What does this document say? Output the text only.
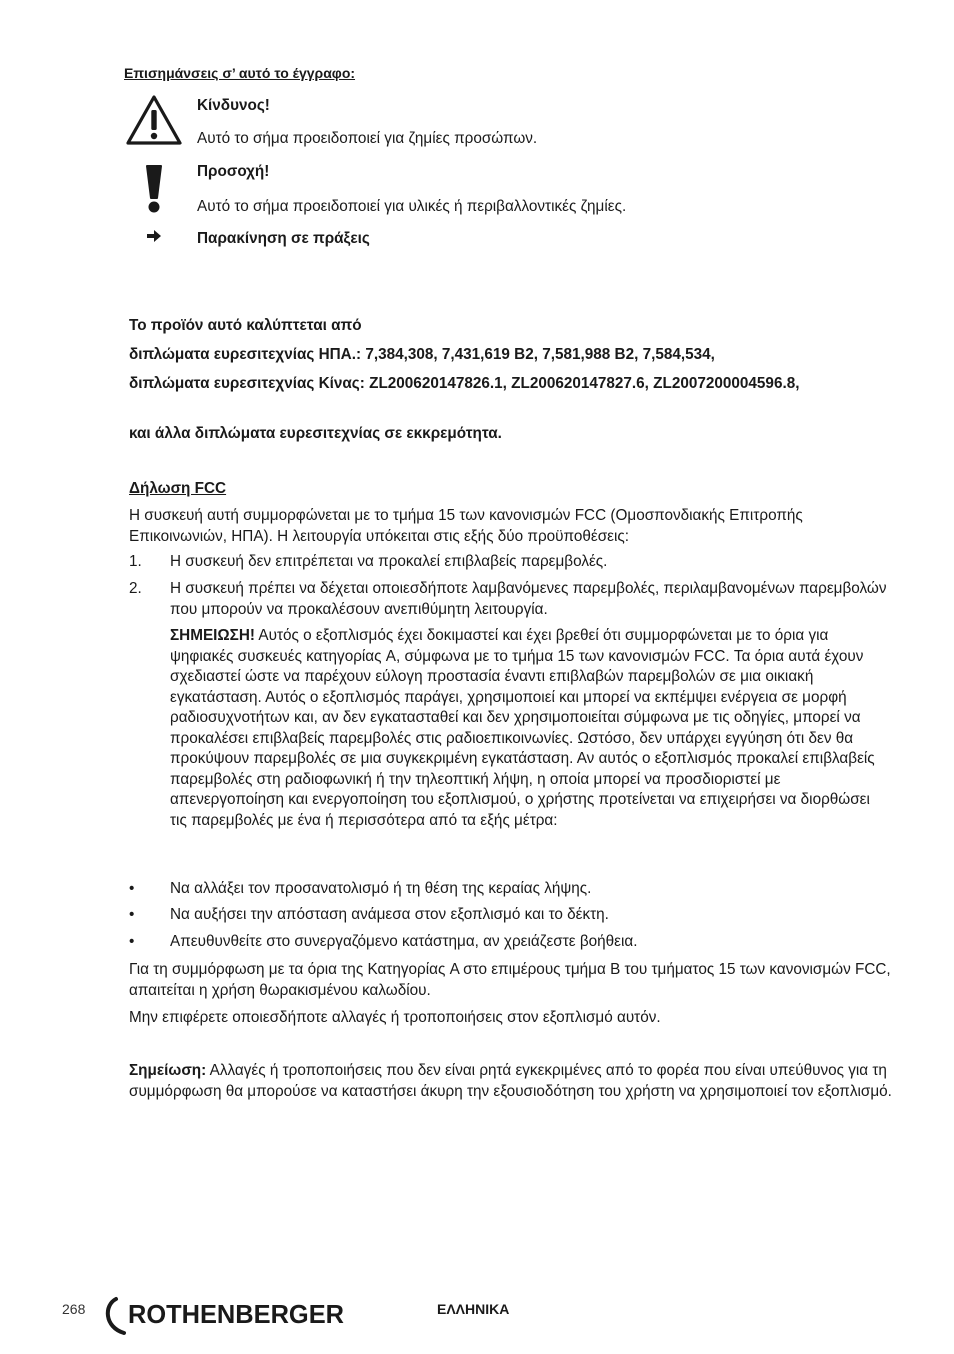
Επισημάνσεις σ’ αυτό το έγγραφο:
Κίνδυνος!
Αυτό το σήμα προειδοποιεί για ζημίες προσώπων.
Προσοχή!
Αυτό το σήμα προειδοποιεί για υλικές ή περιβαλλοντικές ζημίες.
Παρακίνηση σε πράξεις
Το προϊόν αυτό καλύπτεται από
διπλώματα ευρεσιτεχνίας ΗΠΑ.: 7,384,308, 7,431,619 B2, 7,581,988 B2, 7,584,534,
διπλώματα ευρεσιτεχνίας Κίνας: ZL200620147826.1, ZL200620147827.6, ZL2007200004596.8,
και άλλα διπλώματα ευρεσιτεχνίας σε εκκρεμότητα.
Δήλωση FCC
Η συσκευή αυτή συμμορφώνεται με το τμήμα 15 των κανονισμών FCC (Ομοσπονδιακής Επιτροπής Επικοινωνιών, ΗΠΑ). Η λειτουργία υπόκειται στις εξής δύο προϋποθέσεις:
1. Η συσκευή δεν επιτρέπεται να προκαλεί επιβλαβείς παρεμβολές.
2. Η συσκευή πρέπει να δέχεται οποιεσδήποτε λαμβανόμενες παρεμβολές, περιλαμβανομένων παρεμβολών που μπορούν να προκαλέσουν ανεπιθύμητη λειτουργία.
ΣΗΜΕΙΩΣΗ! Αυτός ο εξοπλισμός έχει δοκιμαστεί και έχει βρεθεί ότι συμμορφώνεται με το όρια για ψηφιακές συσκευές κατηγορίας A, σύμφωνα με το τμήμα 15 των κανονισμών FCC. Τα όρια αυτά έχουν σχεδιαστεί ώστε να παρέχουν εύλογη προστασία έναντι επιβλαβών παρεμβολών σε μια οικιακή εγκατάσταση. Αυτός ο εξοπλισμός παράγει, χρησιμοποιεί και μπορεί να εκπέμψει ενέργεια σε μορφή ραδιοσυχνοτήτων και, αν δεν εγκατασταθεί και δεν χρησιμοποιείται σύμφωνα με τις οδηγίες, μπορεί να προκαλέσει επιβλαβείς παρεμβολές στις ραδιοεπικοινωνίες. Ωστόσο, δεν υπάρχει εγγύηση ότι δεν θα προκύψουν παρεμβολές σε μια συγκεκριμένη εγκατάσταση. Αν αυτός ο εξοπλισμός προκαλεί επιβλαβείς παρεμβολές στη ραδιοφωνική ή την τηλεοπτική λήψη, η οποία μπορεί να προσδιοριστεί με απενεργοποίηση και ενεργοποίηση του εξοπλισμού, ο χρήστης προτείνεται να επιχειρήσει να διορθώσει τις παρεμβολές με ένα ή περισσότερα από τα εξής μέτρα:
• Να αλλάξει τον προσανατολισμό ή τη θέση της κεραίας λήψης.
• Να αυξήσει την απόσταση ανάμεσα στον εξοπλισμό και το δέκτη.
• Απευθυνθείτε στο συνεργαζόμενο κατάστημα, αν χρειάζεστε βοήθεια.
Για τη συμμόρφωση με τα όρια της Κατηγορίας A στο επιμέρους τμήμα B του τμήματος 15 των κανονισμών FCC, απαιτείται η χρήση θωρακισμένου καλωδίου.
Μην επιφέρετε οποιεσδήποτε αλλαγές ή τροποποιήσεις στον εξοπλισμό αυτόν.
Σημείωση: Αλλαγές ή τροποποιήσεις που δεν είναι ρητά εγκεκριμένες από το φορέα που είναι υπεύθυνος για τη συμμόρφωση θα μπορούσε να καταστήσει άκυρη την εξουσιοδότηση του χρήστη να χρησιμοποιεί τον εξοπλισμό.
268 ROTHENBERGER	ΕΛΛΗΝΙΚΑ
